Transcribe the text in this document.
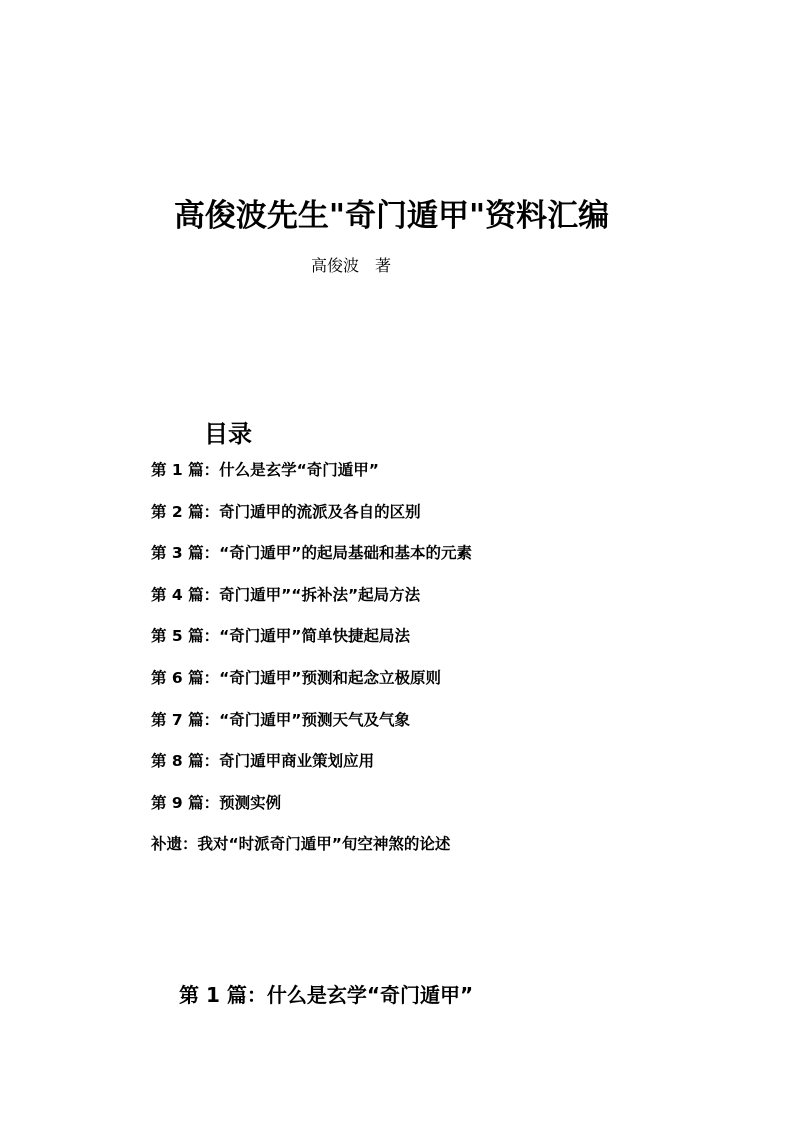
高俊波先生"奇门遁甲"资料汇编
高俊波　著
目录
第 1 篇：什么是玄学“奇门遁甲”
第 2 篇：奇门遁甲的流派及各自的区别
第 3 篇：“奇门遁甲”的起局基础和基本的元素
第 4 篇：奇门遁甲”“拆补法”起局方法
第 5 篇：“奇门遁甲”简单快捷起局法
第 6 篇：“奇门遁甲”预测和起念立极原则
第 7 篇：“奇门遁甲”预测天气及气象
第 8 篇：奇门遁甲商业策划应用
第 9 篇：预测实例
补遗：我对“时派奇门遁甲”旬空神煞的论述
第 1 篇：什么是玄学“奇门遁甲”
